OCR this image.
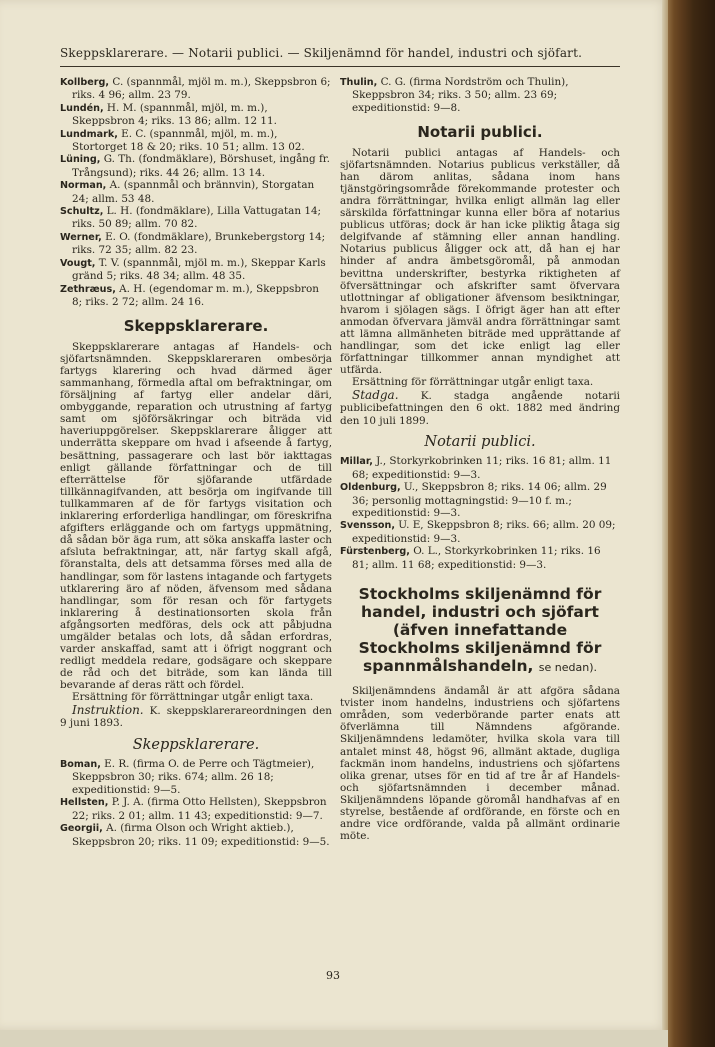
Skeppsklarerare. — Notarii publici. — Skiljenämnd för handel, industri och sjöfart.

Kollberg, C. (spannmål, mjöl m. m.), Skeppsbron 6; riks. 4 96; allm. 23 79.

Lundén, H. M. (spannmål, mjöl, m. m.), Skeppsbron 4; riks. 13 86; allm. 12 11.

Lundmark, E. C. (spannmål, mjöl, m. m.), Stortorget 18 & 20; riks. 10 51; allm. 13 02.

Lüning, G. Th. (fondmäklare), Börshuset, ingång fr. Trångsund); riks. 44 26; allm. 13 14.

Norman, A. (spannmål och brännvin), Storgatan 24; allm. 53 48.

Schultz, L. H. (fondmäklare), Lilla Vattugatan 14; riks. 50 89; allm. 70 82.

Werner, E. O. (fondmäklare), Brunkebergstorg 14; riks. 72 35; allm. 82 23.

Vougt, T. V. (spannmål, mjöl m. m.), Skeppar Karls gränd 5; riks. 48 34; allm. 48 35.

Zethræus, A. H. (egendomar m. m.), Skeppsbron 8; riks. 2 72; allm. 24 16.

Skeppsklarerare.

Skeppsklarerare antagas af Handels- och sjöfartsnämnden. Skeppsklareraren ombesörja fartygs klarering och hvad därmed äger sammanhang, förmedla aftal om befraktningar, om försäljning af fartyg eller andelar däri, ombyggande, reparation och utrustning af fartyg samt om sjöförsäkringar och biträda vid haveriuppgörelser. Skeppsklarerare åligger att underrätta skeppare om hvad i afseende å fartyg, besättning, passagerare och last bör iakttagas enligt gällande författningar och de till efterrättelse för sjöfarande utfärdade tillkännagifvanden, att besörja om ingifvande till tullkammaren af de för fartygs visitation och inklarering erforderliga handlingar, om föreskrifna afgifters erläggande och om fartygs uppmätning, då sådan bör äga rum, att söka anskaffa laster och afsluta befraktningar, att, när fartyg skall afgå, föranstalta, dels att detsamma förses med alla de handlingar, som för lastens intagande och fartygets utklarering äro af nöden, äfvensom med sådana handlingar, som för resan och för fartygets inklarering å destinationsorten skola från afgångsorten medföras, dels ock att påbjudna umgälder betalas och lots, då sådan erfordras, varder anskaffad, samt att i öfrigt noggrant och redligt meddela redare, godsägare och skeppare de råd och det biträde, som kan lända till bevarande af deras rätt och fördel.

Ersättning för förrättningar utgår enligt taxa.

Instruktion. K. skeppsklarerareordningen den 9 juni 1893.

Skeppsklarerare.

Boman, E. R. (firma O. de Perre och Tägtmeier), Skeppsbron 30; riks. 674; allm. 26 18; expeditionstid: 9—5.

Hellsten, P. J. A. (firma Otto Hellsten), Skeppsbron 22; riks. 2 01; allm. 11 43; expeditionstid: 9—7.

Georgii, A. (firma Olson och Wright aktieb.), Skeppsbron 20; riks. 11 09; expeditionstid: 9—5.

Thulin, C. G. (firma Nordström och Thulin), Skeppsbron 34; riks. 3 50; allm. 23 69; expeditionstid: 9—8.

Notarii publici.

Notarii publici antagas af Handels- och sjöfartsnämnden. Notarius publicus verkställer, då han därom anlitas, sådana inom hans tjänstgöringsområde förekommande protester och andra förrättningar, hvilka enligt allmän lag eller särskilda författningar kunna eller böra af notarius publicus utföras; dock är han icke pliktig åtaga sig delgifvande af stämning eller annan handling. Notarius publicus åligger ock att, då han ej har hinder af andra ämbetsgöromål, på anmodan bevittna underskrifter, bestyrka riktigheten af öfversättningar och afskrifter samt öfvervara utlottningar af obligationer äfvensom besiktningar, hvarom i sjölagen sägs. I öfrigt äger han att efter anmodan öfvervara jämväl andra förrättningar samt att lämna allmänheten biträde med upprättande af handlingar, som det icke enligt lag eller författningar tillkommer annan myndighet att utfärda.

Ersättning för förrättningar utgår enligt taxa.

Stadga. K. stadga angående notarii publicibefattningen den 6 okt. 1882 med ändring den 10 juli 1899.

Notarii publici.

Millar, J., Storkyrkobrinken 11; riks. 16 81; allm. 11 68; expeditionstid: 9—3.

Oldenburg, U., Skeppsbron 8; riks. 14 06; allm. 29 36; personlig mottagningstid: 9—10 f. m.; expeditionstid: 9—3.

Svensson, U. E, Skeppsbron 8; riks. 66; allm. 20 09; expeditionstid: 9—3.

Fürstenberg, O. L., Storkyrkobrinken 11; riks. 16 81; allm. 11 68; expeditionstid: 9—3.

Stockholms skiljenämnd för handel, industri och sjöfart (äfven innefattande Stockholms skiljenämnd för spannmålshandeln, se nedan).

Skiljenämndens ändamål är att afgöra sådana tvister inom handelns, industriens och sjöfartens områden, som vederbörande parter enats att öfverlämna till Nämndens afgörande. Skiljenämndens ledamöter, hvilka skola vara till antalet minst 48, högst 96, allmänt aktade, dugliga fackmän inom handelns, industriens och sjöfartens olika grenar, utses för en tid af tre år af Handels- och sjöfartsnämnden i december månad. Skiljenämndens löpande göromål handhafvas af en styrelse, bestående af ordförande, en förste och en andre vice ordförande, valda på allmänt ordinarie möte.

93
